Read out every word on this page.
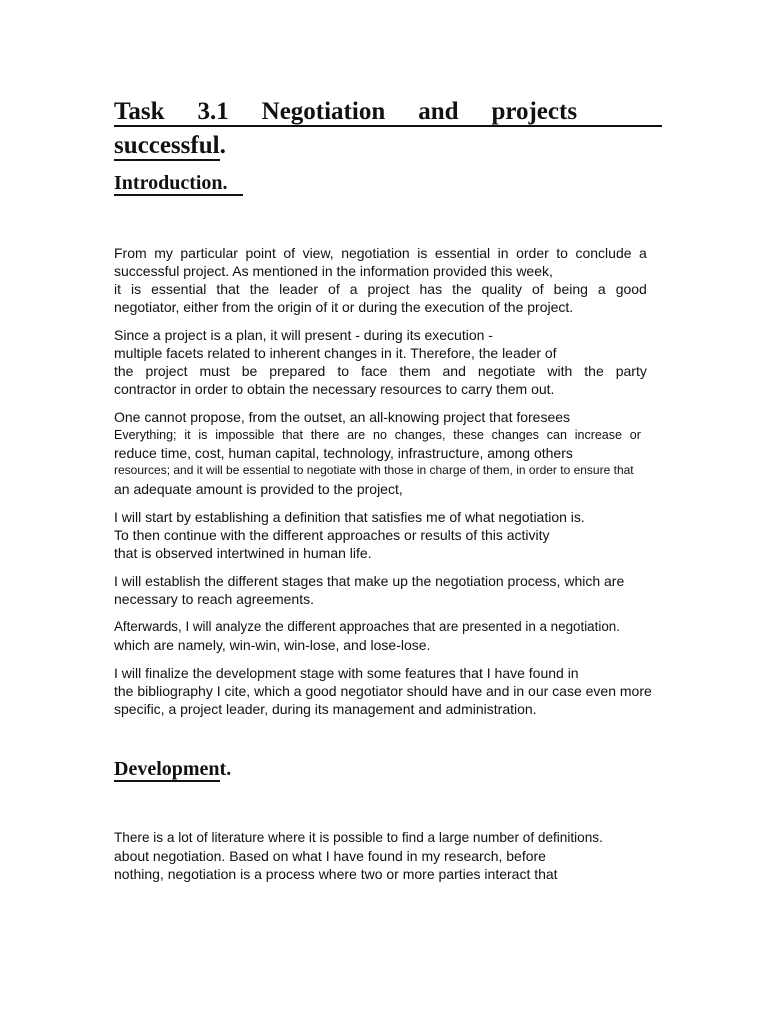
Task 3.1 Negotiation and projects
successful.
Introduction.

From my particular point of view, negotiation is essential in order to conclude a

successful project. As mentioned in the information provided this week,

it is essential that the leader of a project has the quality of being a good

negotiator, either from the origin of it or during the execution of the project.

Since a project is a plan, it will present - during its execution -

multiple facets related to inherent changes in it. Therefore, the leader of

the project must be prepared to face them and negotiate with the party

contractor in order to obtain the necessary resources to carry them out.

One cannot propose, from the outset, an all-knowing project that foresees

Everything; it is impossible that there are no changes, these changes can increase or

reduce time, cost, human capital, technology, infrastructure, among others

resources; and it will be essential to negotiate with those in charge of them, in order to ensure that

an adequate amount is provided to the project,

I will start by establishing a definition that satisfies me of what negotiation is.

To then continue with the different approaches or results of this activity

that is observed intertwined in human life.

I will establish the different stages that make up the negotiation process, which are

necessary to reach agreements.

Afterwards, I will analyze the different approaches that are presented in a negotiation.

which are namely, win-win, win-lose, and lose-lose.

I will finalize the development stage with some features that I have found in

the bibliography I cite, which a good negotiator should have and in our case even more

specific, a project leader, during its management and administration.

Development.

There is a lot of literature where it is possible to find a large number of definitions.

about negotiation. Based on what I have found in my research, before

nothing, negotiation is a process where two or more parties interact that
